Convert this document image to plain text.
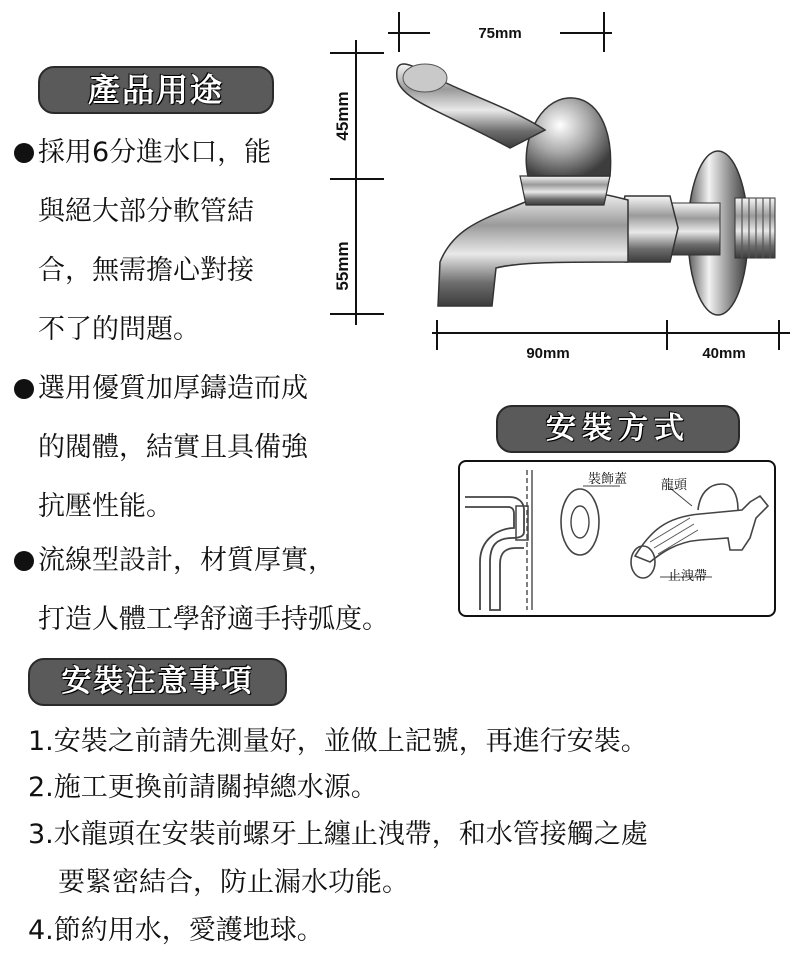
產品用途
採用6分進水口，能
與絕大部分軟管結
合，無需擔心對接
不了的問題。
選用優質加厚鑄造而成
的閥體，結實且具備強
抗壓性能。
流線型設計，材質厚實，
打造人體工學舒適手持弧度。
75mm
45mm
55mm
90mm	40mm
安裝方式
裝飾蓋	龍頭
止洩帶
安裝注意事項
1.安裝之前請先測量好，並做上記號，再進行安裝。
2.施工更換前請關掉總水源。
3.水龍頭在安裝前螺牙上纏止洩帶，和水管接觸之處
要緊密結合，防止漏水功能。
4.節約用水，愛護地球。
